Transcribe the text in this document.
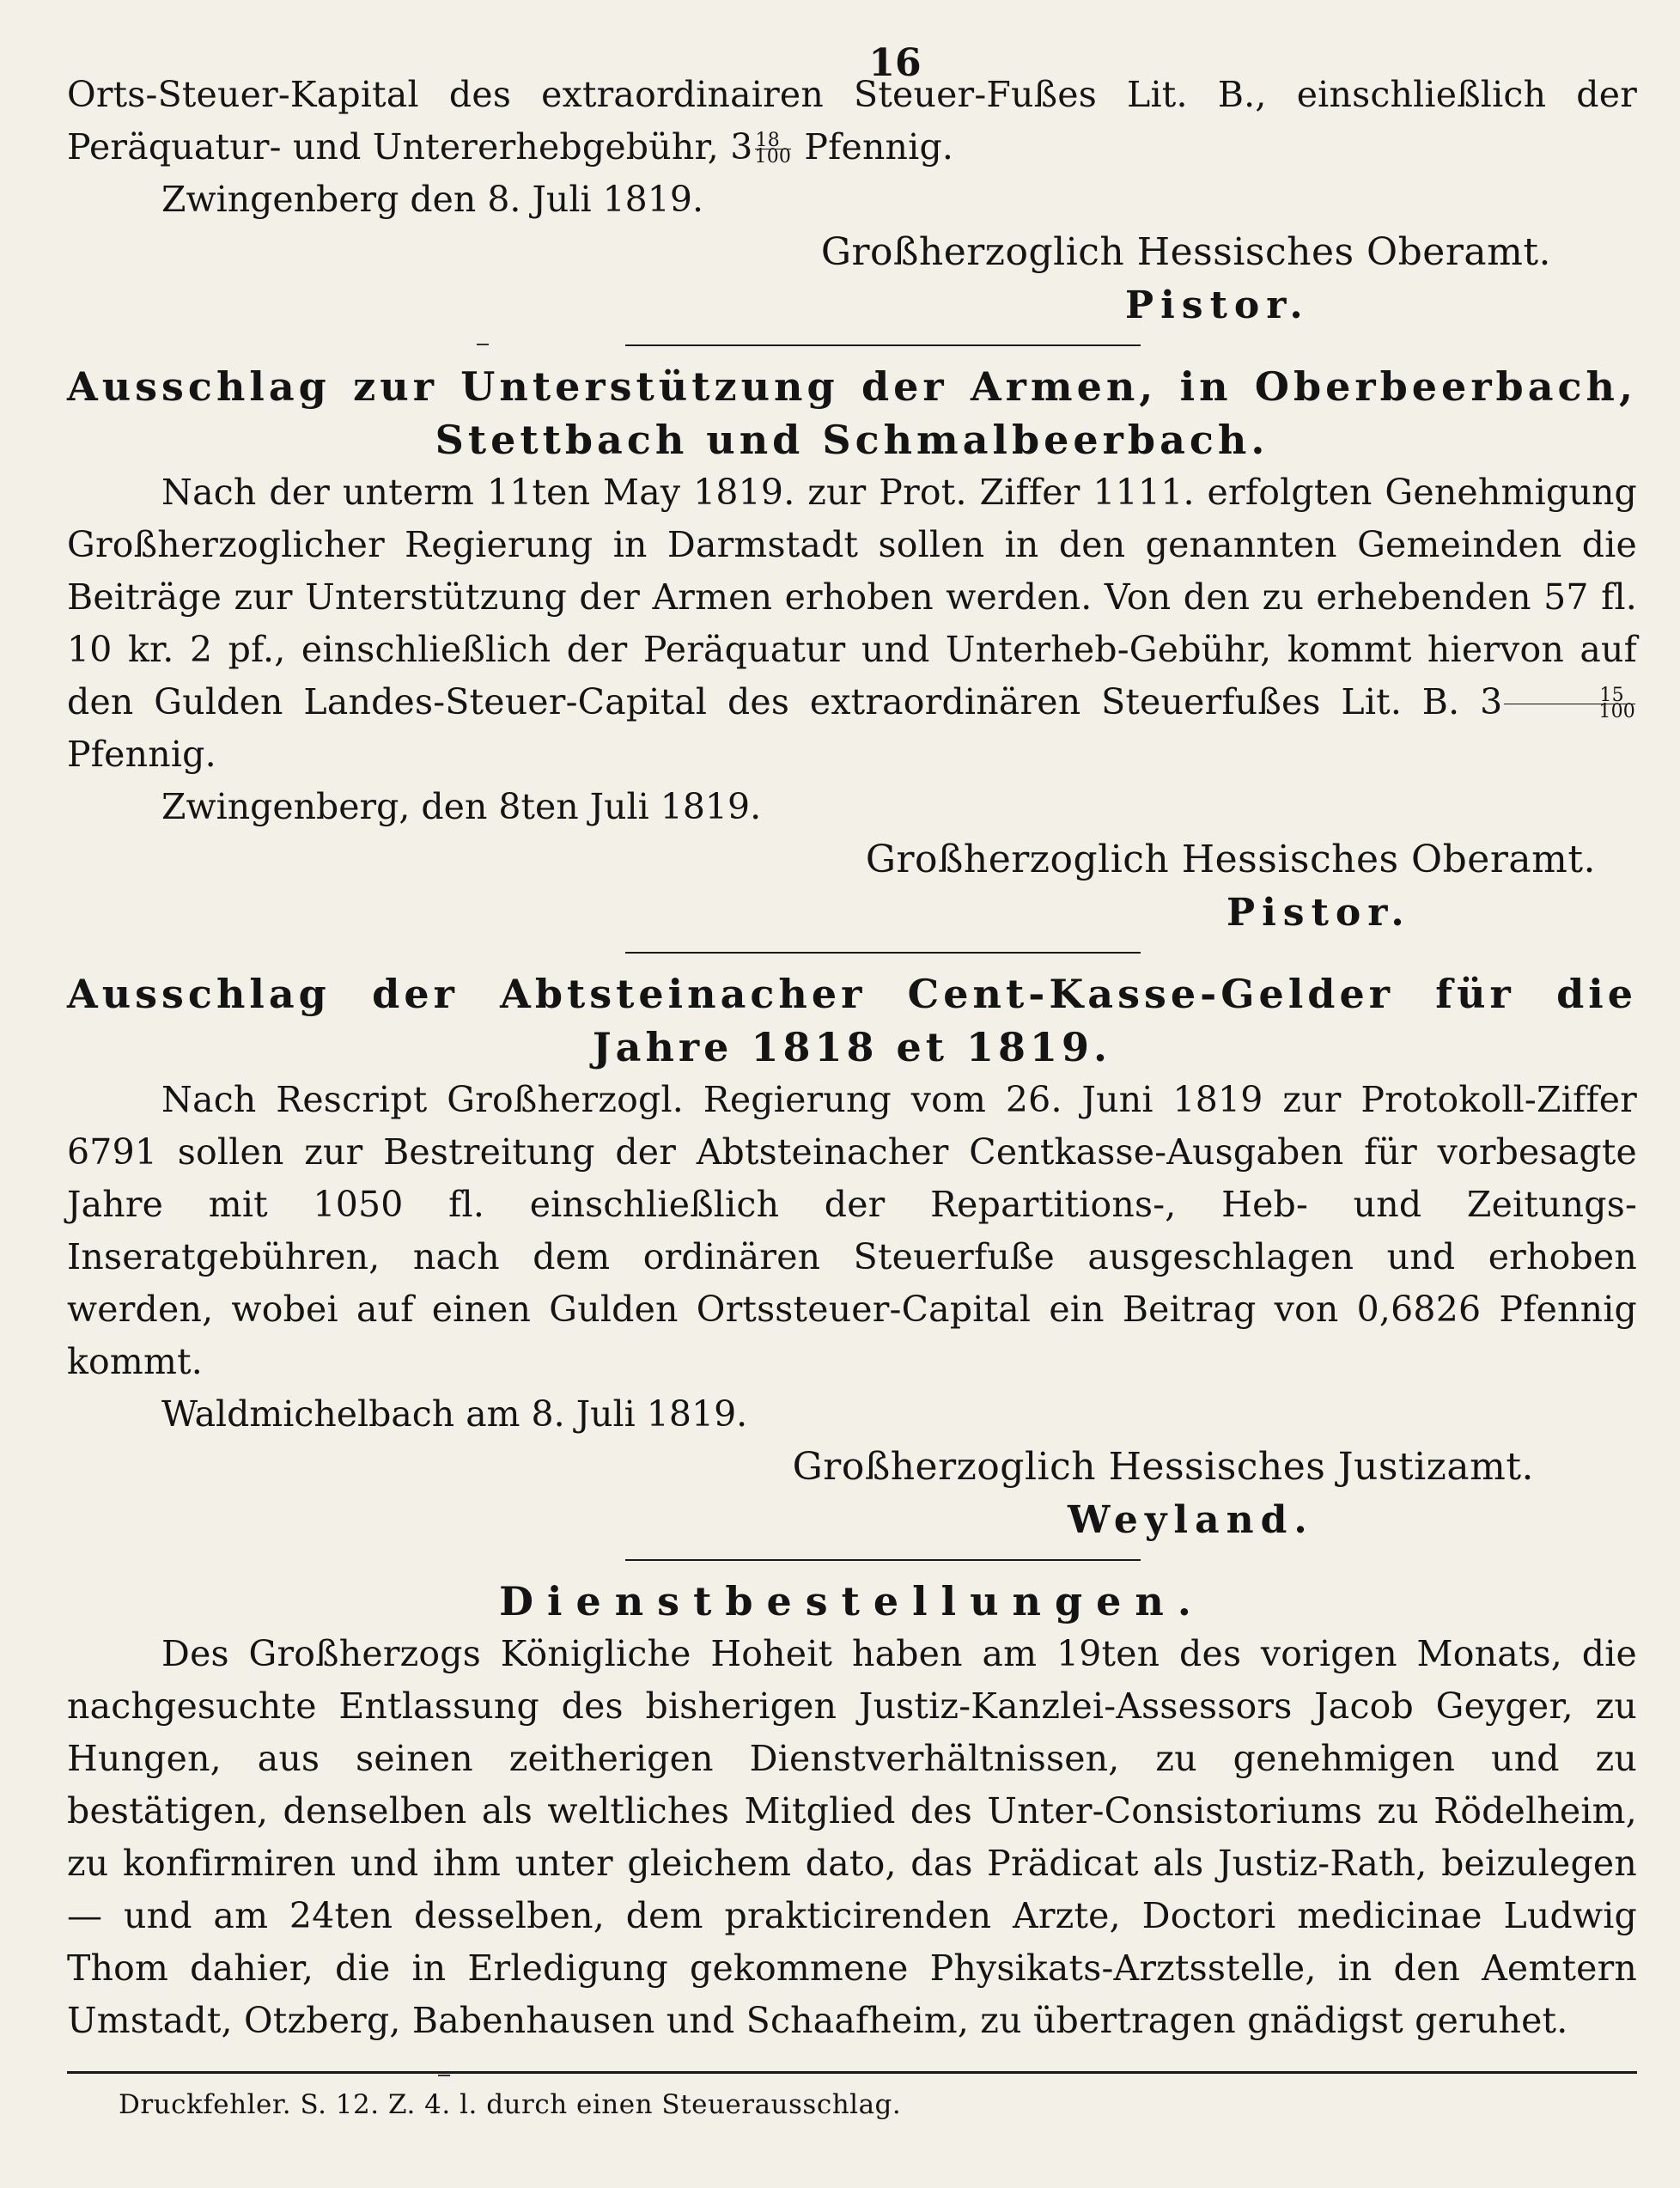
16

Orts-Steuer-Kapital des extraordinairen Steuer-Fußes Lit. B., einschließlich der Peräquatur- und Untererhebgebühr, $3 \frac{18}{100}$ Pfennig.

Zwingenberg den 8. Juli 1819.

Großherzoglich Hessisches Oberamt.

Pistor.

Ausschlag zur Unterstützung der Armen, in Oberbeerbach, Stettbach und Schmalbeerbach.

Nach der unterm 11ten May 1819. zur Prot. Ziffer 1111. erfolgten Genehmigung Großherzoglicher Regierung in Darmstadt sollen in den genannten Gemeinden die Beiträge zur Unterstützung der Armen erhoben werden. Von den zu erhebenden 57 fl. 10 kr. 2 pf., einschließlich der Peräquatur und Unterheb-Gebühr, kommt hiervon auf den Gulden Landes-Steuer-Capital des extraordinären Steuerfußes Lit. B. $3 \frac{15}{100}$
Pfennig.

Zwingenberg, den 8ten Juli 1819.

Großherzoglich Hessisches Oberamt.

Pistor.

Ausschlag der Abtsteinacher Cent-Kasse-Gelder für die Jahre 1818 et 1819.

Nach Rescript Großherzogl. Regierung vom 26. Juni 1819 zur Protokoll-Ziffer 6791 sollen zur Bestreitung der Abtsteinacher Centkasse-Ausgaben für vorbesagte Jahre mit 1050 fl. einschließlich der Repartitions-, Heb- und Zeitungs-Inseratgebühren, nach dem ordinären Steuerfuße ausgeschlagen und erhoben werden, wobei auf einen Gulden Ortssteuer-Capital ein Beitrag von 0,6826 Pfennig kommt.

Waldmichelbach am 8. Juli 1819.

Großherzoglich Hessisches Justizamt.

Weyland.

Dienstbestellungen.

Des Großherzogs Königliche Hoheit haben am 19ten des vorigen Monats, die nachgesuchte Entlassung des bisherigen Justiz-Kanzlei-Assessors Jacob Geyger, zu Hungen, aus seinen zeitherigen Dienstverhältnissen, zu genehmigen und zu bestätigen, denselben als weltliches Mitglied des Unter-Consistoriums zu Rödelheim, zu konfirmiren und ihm unter gleichem dato, das Prädicat als Justiz-Rath, beizulegen — und am 24ten desselben, dem prakticirenden Arzte, Doctori medicinae Ludwig Thom dahier, die in Erledigung gekommene Physikats-Arztsstelle, in den Aemtern Umstadt, Otzberg, Babenhausen und Schaafheim, zu übertragen gnädigst geruhet.

Druckfehler. S. 12. Z. 4. l. durch einen Steuerausschlag.
